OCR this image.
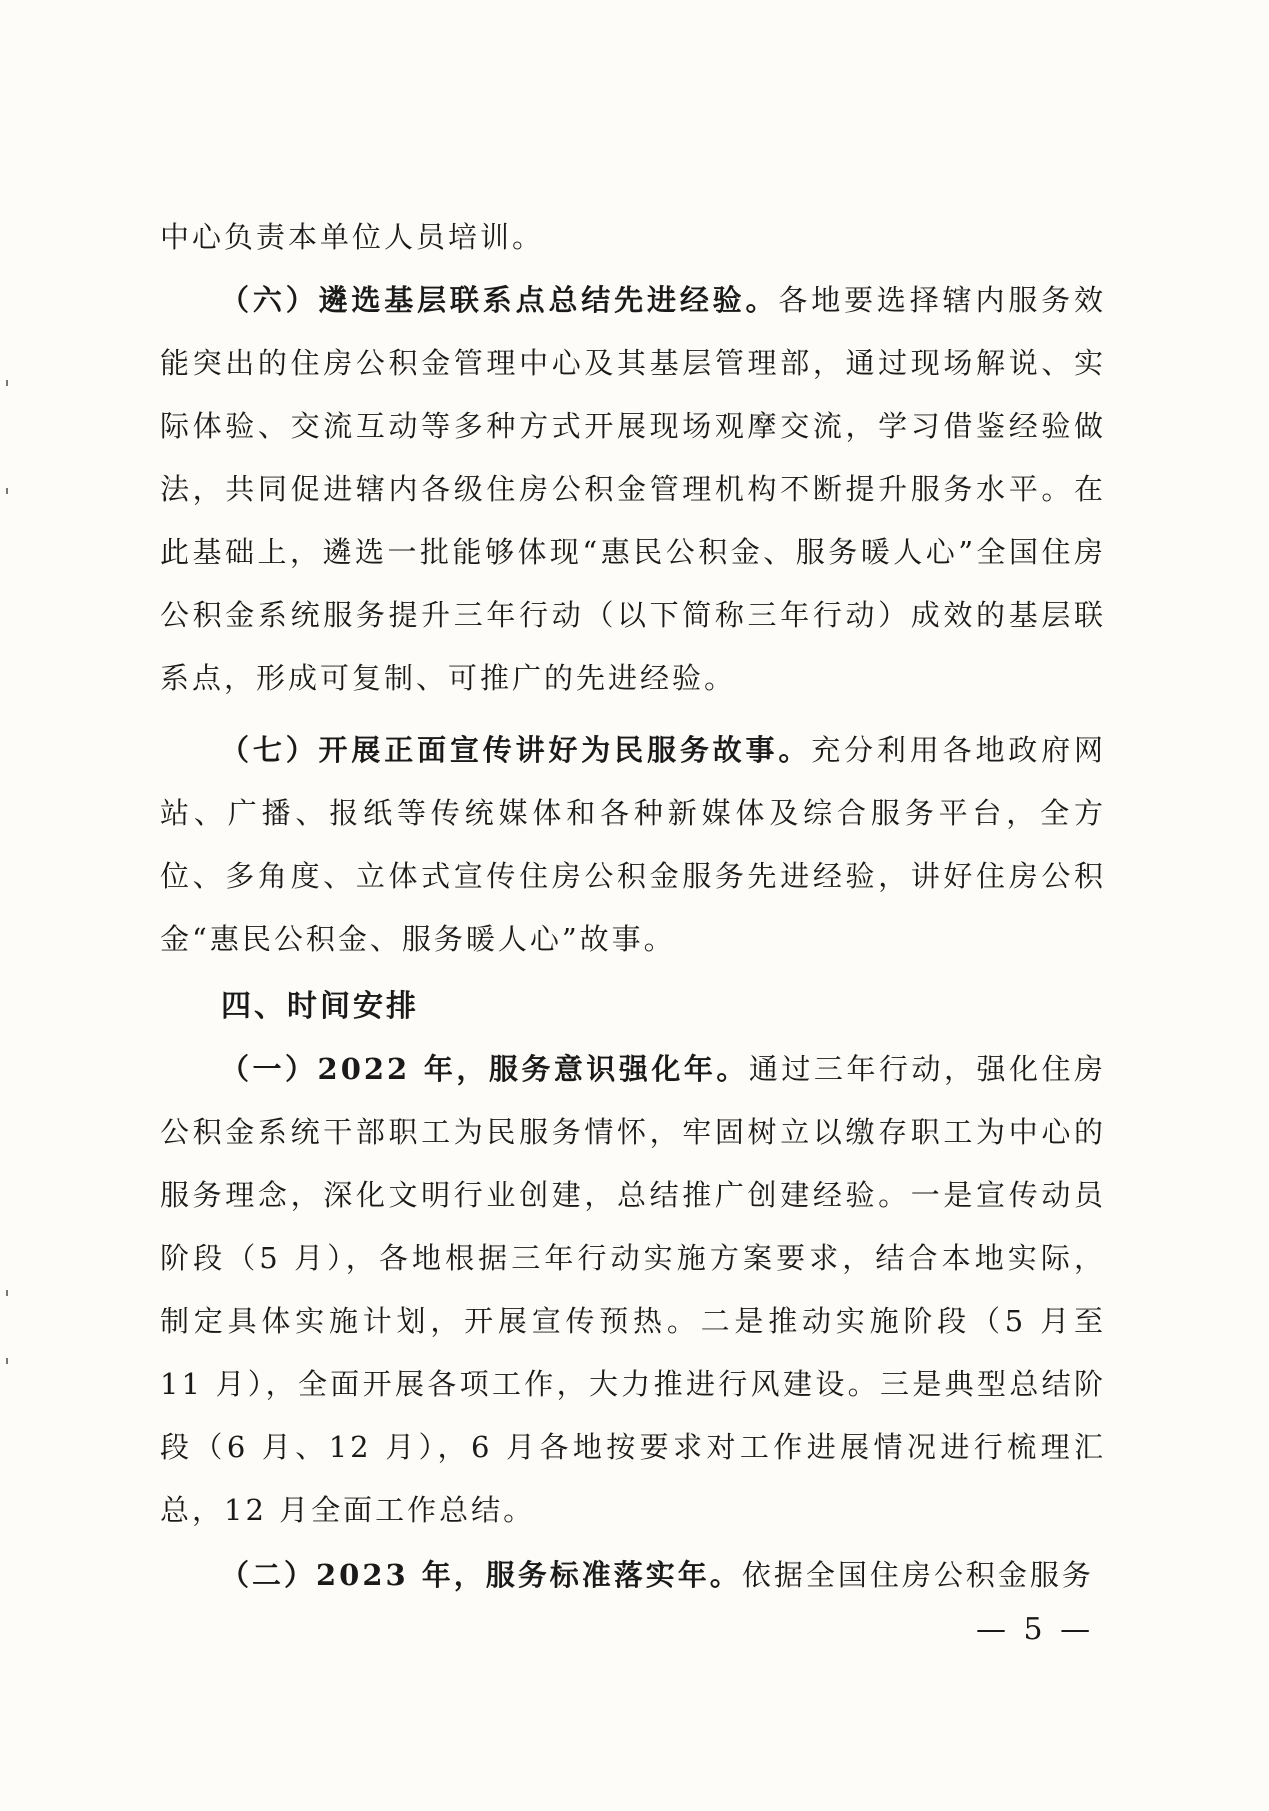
中心负责本单位人员培训。

（六）遴选基层联系点总结先进经验。各地要选择辖内服务效能突出的住房公积金管理中心及其基层管理部，通过现场解说、实际体验、交流互动等多种方式开展现场观摩交流，学习借鉴经验做法，共同促进辖内各级住房公积金管理机构不断提升服务水平。在此基础上，遴选一批能够体现“惠民公积金、服务暖人心”全国住房公积金系统服务提升三年行动（以下简称三年行动）成效的基层联系点，形成可复制、可推广的先进经验。

（七）开展正面宣传讲好为民服务故事。充分利用各地政府网站、广播、报纸等传统媒体和各种新媒体及综合服务平台，全方位、多角度、立体式宣传住房公积金服务先进经验，讲好住房公积金“惠民公积金、服务暖人心”故事。

四、时间安排

（一）2022 年，服务意识强化年。通过三年行动，强化住房公积金系统干部职工为民服务情怀，牢固树立以缴存职工为中心的服务理念，深化文明行业创建，总结推广创建经验。一是宣传动员阶段（5 月），各地根据三年行动实施方案要求，结合本地实际，制定具体实施计划，开展宣传预热。二是推动实施阶段（5 月至 11 月），全面开展各项工作，大力推进行风建设。三是典型总结阶段（6 月、12 月），6 月各地按要求对工作进展情况进行梳理汇总，12 月全面工作总结。

（二）2023 年，服务标准落实年。依据全国住房公积金服务

— 5 —
